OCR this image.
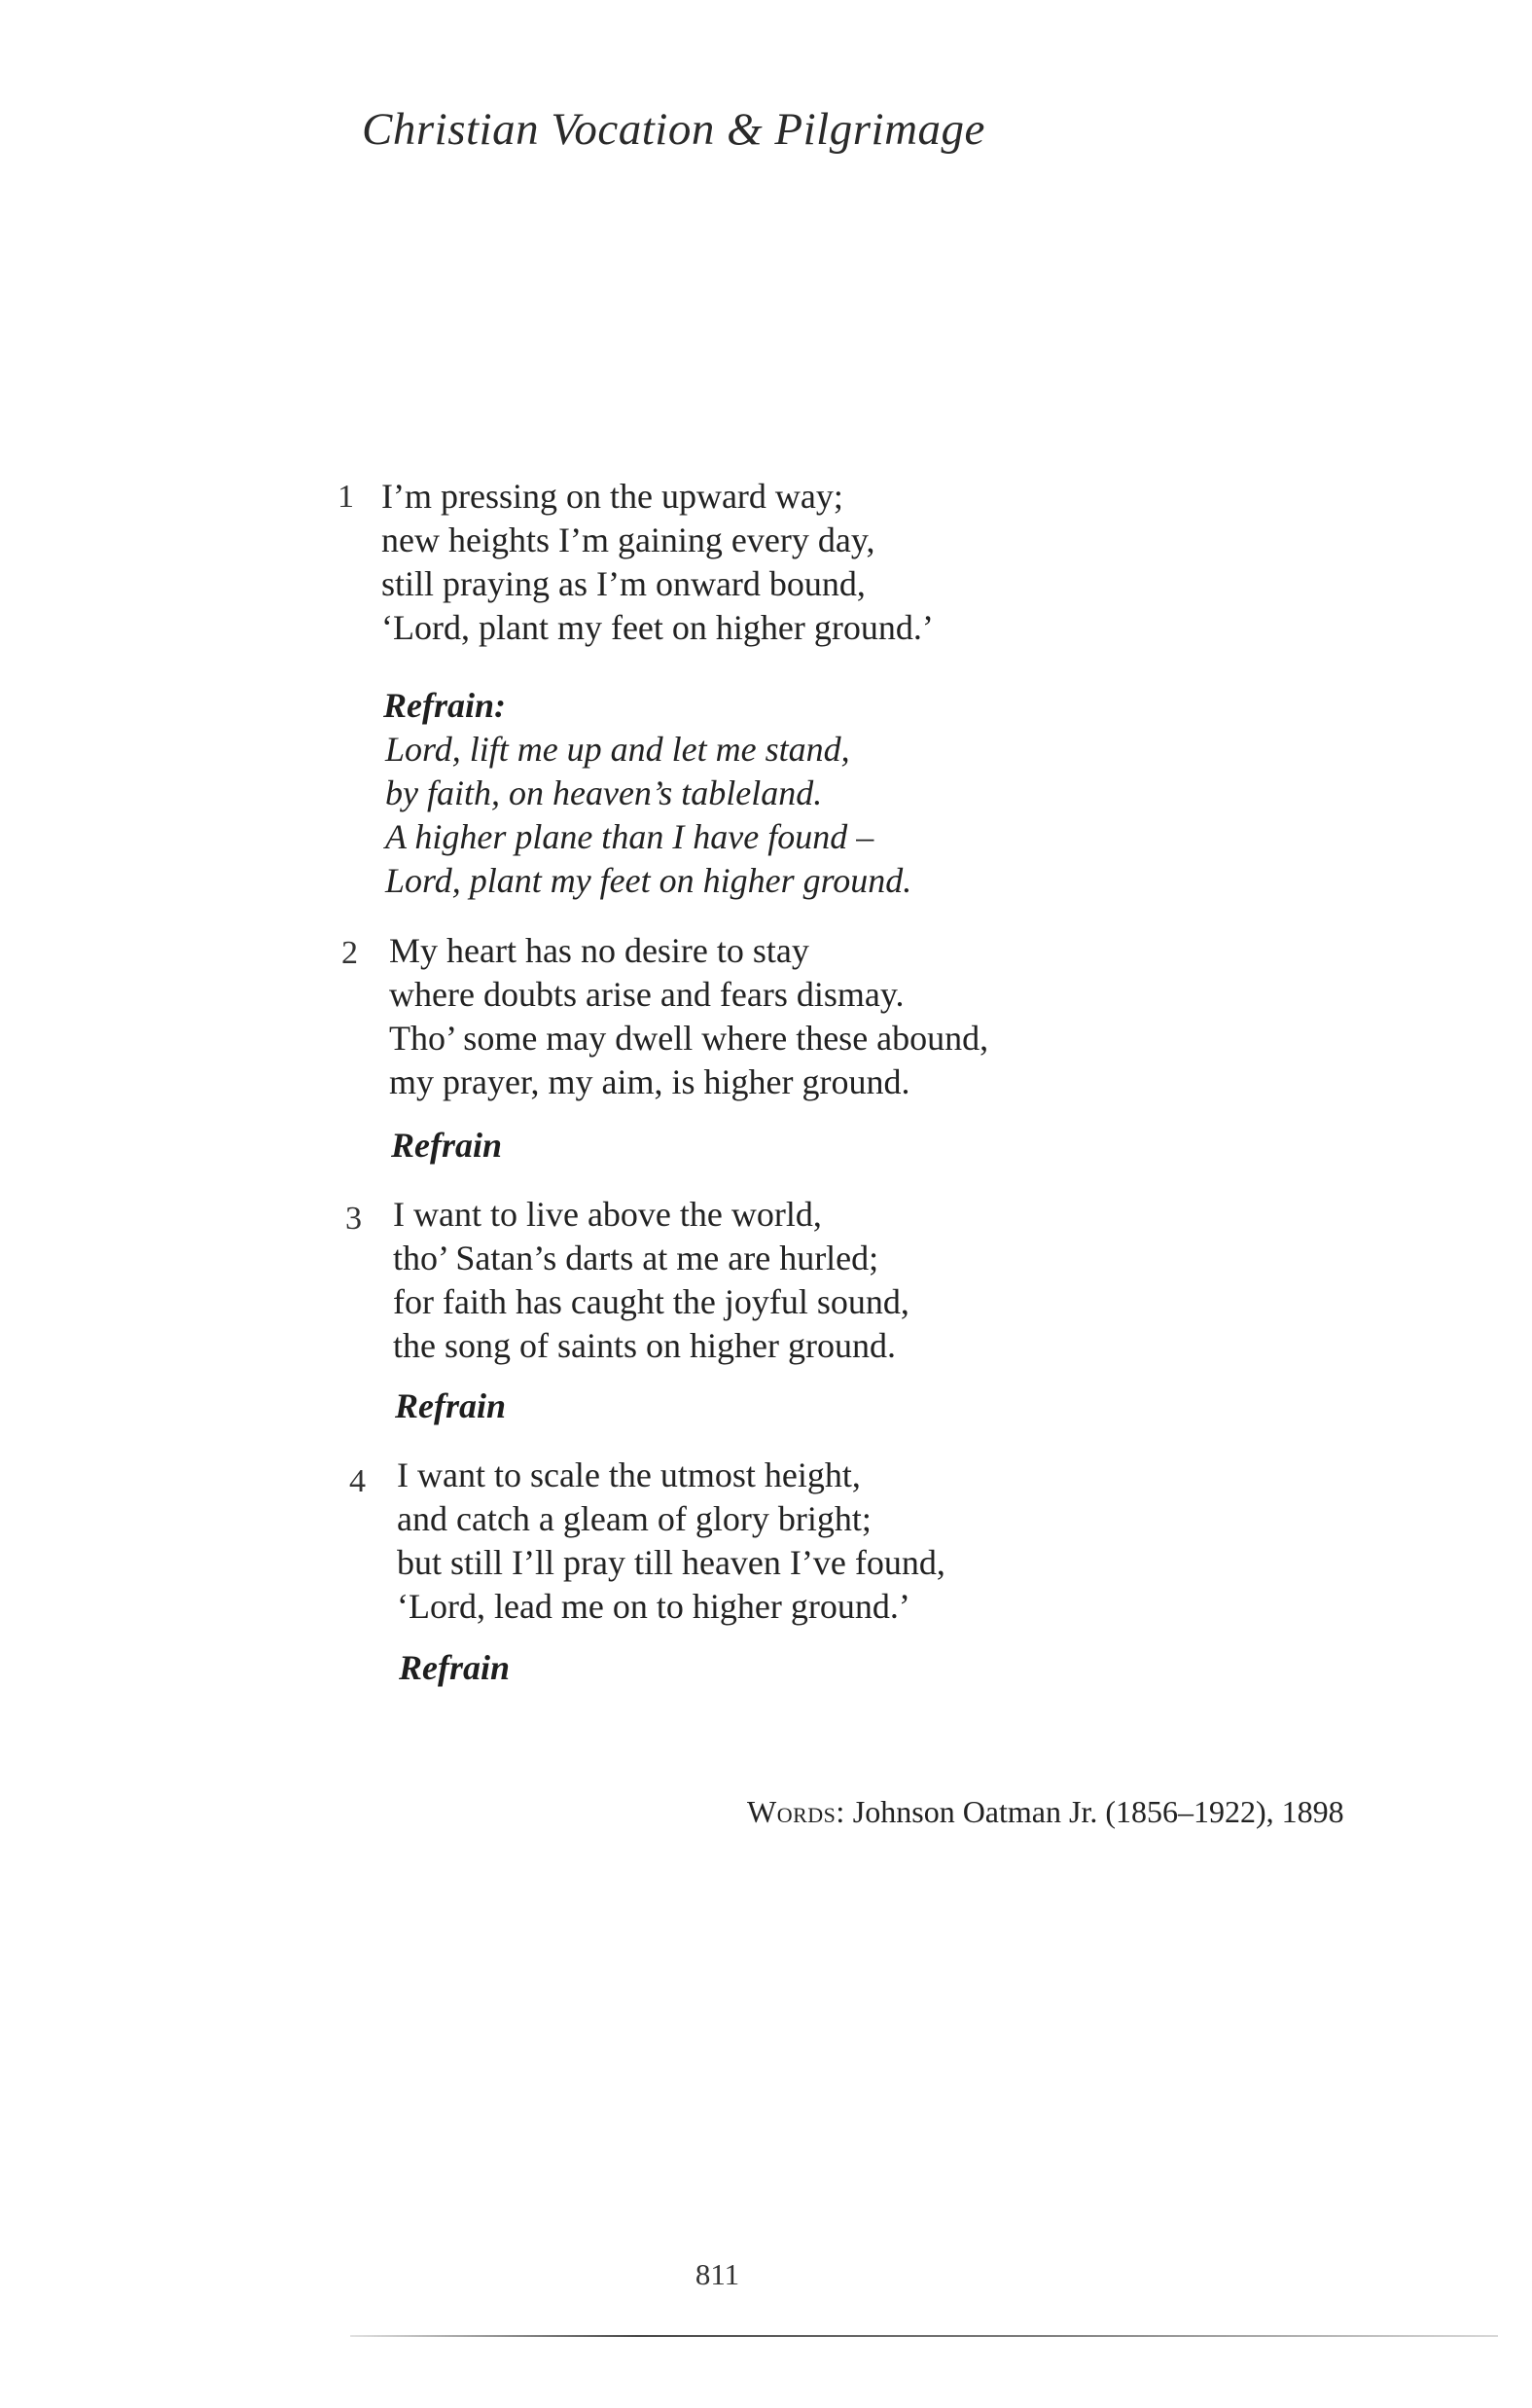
Christian Vocation & Pilgrimage
1 I’m pressing on the upward way;
new heights I’m gaining every day,
still praying as I’m onward bound,
‘Lord, plant my feet on higher ground.’
Refrain:
Lord, lift me up and let me stand,
by faith, on heaven’s tableland.
A higher plane than I have found –
Lord, plant my feet on higher ground.
2 My heart has no desire to stay
where doubts arise and fears dismay.
Tho’ some may dwell where these abound,
my prayer, my aim, is higher ground.
Refrain
3 I want to live above the world,
tho’ Satan’s darts at me are hurled;
for faith has caught the joyful sound,
the song of saints on higher ground.
Refrain
4 I want to scale the utmost height,
and catch a gleam of glory bright;
but still I’ll pray till heaven I’ve found,
‘Lord, lead me on to higher ground.’
Refrain
Words: Johnson Oatman Jr. (1856–1922), 1898
811
